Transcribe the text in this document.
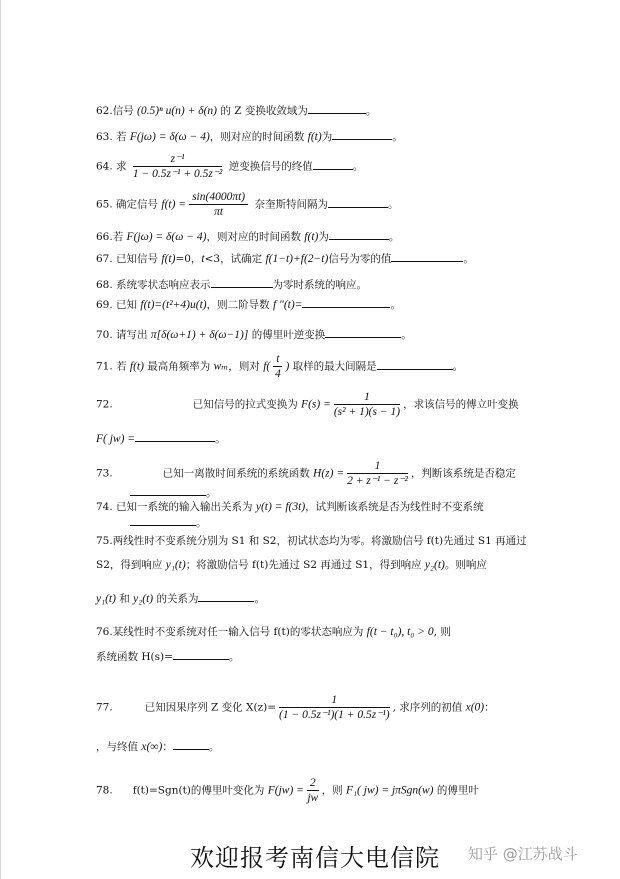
62.信号 (0.5)ⁿ u(n) + δ(n) 的 Z 变换收敛域为	。
63. 若 F(jω) = δ(ω − 4)，则对应的时间函数 f(t)为	。
64. 求 $\frac{\text{z⁻¹}}{\text{1 − 0.5z⁻¹ + 0.5z⁻²}}$ 逆变换信号的终值	。
65. 确定信号 $f(t) = \frac{\sin(4000\pi t)}{\pi t}$ 奈奎斯特间隔为	。
66.若 F(jω) = δ(ω − 4)，则对应的时间函数 f(t)为	。
67. 已知信号 f(t)=0，t<3，试确定 f(1−t)+f(2−t)信号为零的值	。
68. 系统零状态响应表示	为零时系统的响应。
69. 已知 f(t)=(t²+4)u(t)，则二阶导数 f ″(t)=	。
70. 请写出 π[δ(ω+1) + δ(ω−1)] 的傅里叶逆变换	。
71. 若 f(t) 最高角频率为 wₘ，则对 $f( \frac{t}{4}$ ) 取样的最大间隔是	。
72.	已知信号的拉式变换为 $F(s) = \frac{1}{\text{(s² + 1)(s − 1)}}$ ，求该信号的傅立叶变换
F( jw) =	。
73.	已知一离散时间系统的系统函数 $H(z) = \frac{1}{\text{2 + z⁻¹ − z⁻²}}$ ，判断该系统是否稳定
。
74. 已知一系统的输入输出关系为 y(t) = f(3t)，试判断该系统是否为线性时不变系统
。
75.两线性时不变系统分别为 S1 和 S2，初试状态均为零。将激励信号 f(t)先通过 S1 再通过
S2，得到响应 y₁(t)；将激励信号 f(t)先通过 S2 再通过 S1，得到响应 y₂(t)。则响应
y₁(t) 和 y₂(t) 的关系为	。
76.某线性时不变系统对任一输入信号 f(t)的零状态响应为 f(t − t₀), t₀ > 0, 则
系统函数 H(s)=	。
77.	已知因果序列 Z 变化 $X(z)= \frac{1}{\text{(1 − 0.5z⁻¹)(1 + 0.5z⁻¹)}}$ , 求序列的初值 x(0)：
，与终值 x(∞)：	。
78. f(t)=Sgn(t)的傅里叶变化为 $F(jw) = \frac{2}{jw}$ ，则 F₁( jw) = jπSgn(w) 的傅里叶
欢迎报考南信大电信院 知乎 @江苏战斗
